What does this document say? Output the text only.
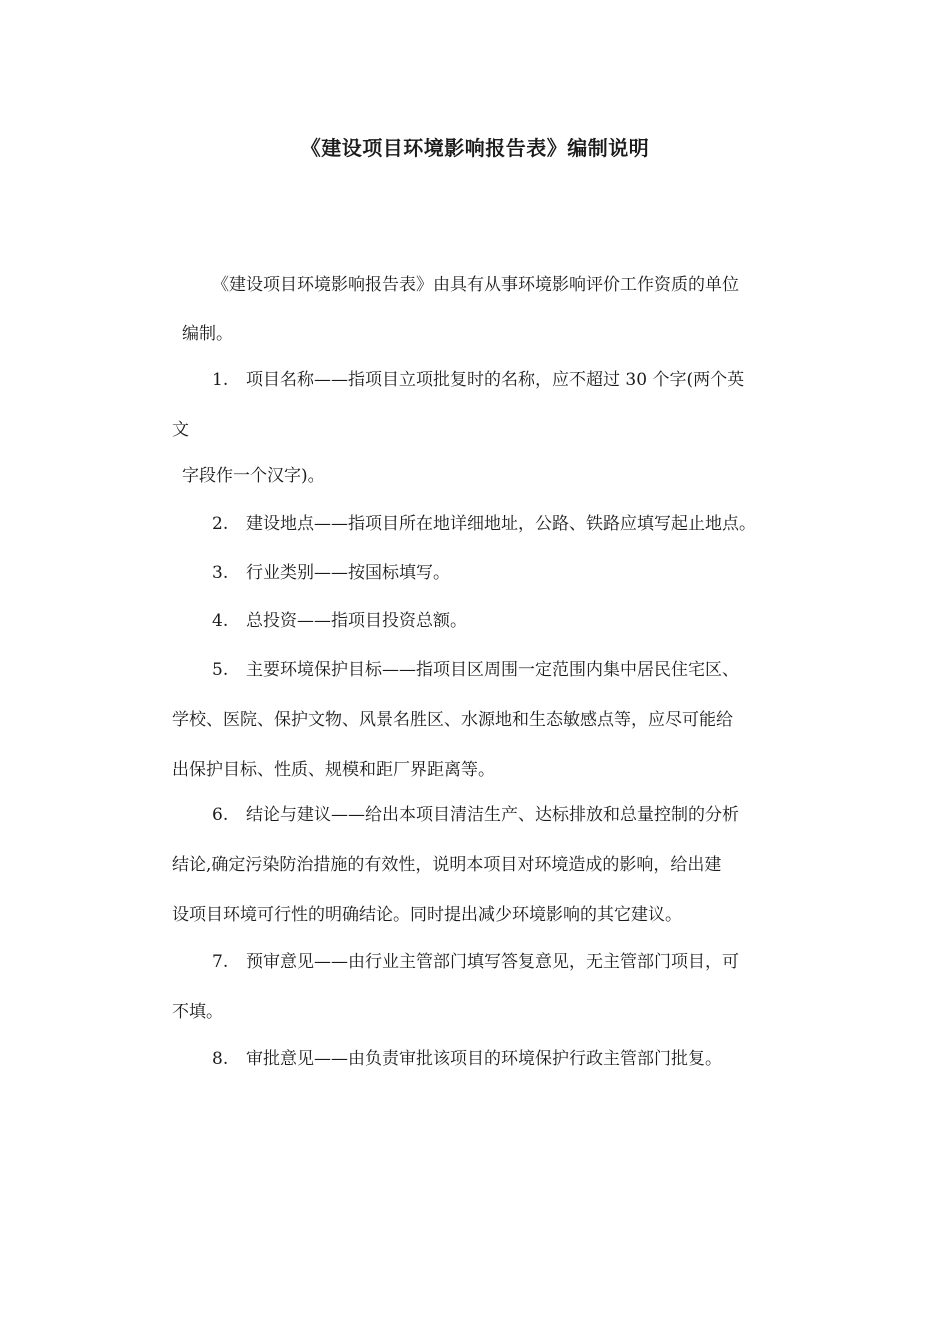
《建设项目环境影响报告表》编制说明
《建设项目环境影响报告表》由具有从事环境影响评价工作资质的单位
编制。
1. 项目名称——指项目立项批复时的名称，应不超过 30 个字(两个英
文
字段作一个汉字)。
2. 建设地点——指项目所在地详细地址，公路、铁路应填写起止地点。
3. 行业类别——按国标填写。
4. 总投资——指项目投资总额。
5. 主要环境保护目标——指项目区周围一定范围内集中居民住宅区、
学校、医院、保护文物、风景名胜区、水源地和生态敏感点等，应尽可能给
出保护目标、性质、规模和距厂界距离等。
6. 结论与建议——给出本项目清洁生产、达标排放和总量控制的分析
结论,确定污染防治措施的有效性，说明本项目对环境造成的影响，给出建
设项目环境可行性的明确结论。同时提出减少环境影响的其它建议。
7. 预审意见——由行业主管部门填写答复意见，无主管部门项目，可
不填。
8. 审批意见——由负责审批该项目的环境保护行政主管部门批复。
